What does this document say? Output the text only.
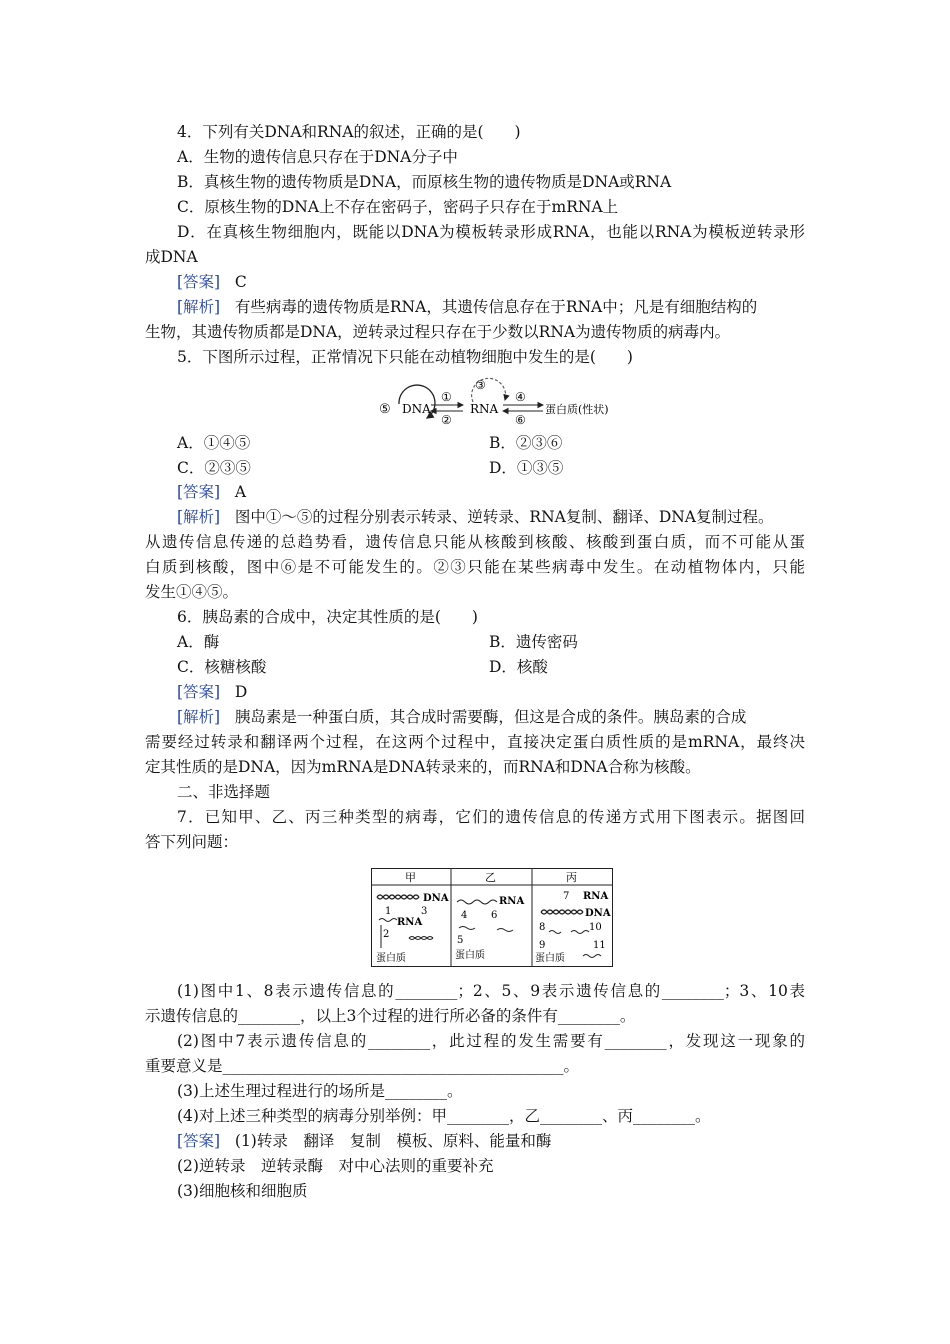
4．下列有关DNA和RNA的叙述，正确的是(　　)
A．生物的遗传信息只存在于DNA分子中
B．真核生物的遗传物质是DNA，而原核生物的遗传物质是DNA或RNA
C．原核生物的DNA上不存在密码子，密码子只存在于mRNA上
D．在真核生物细胞内，既能以DNA为模板转录形成RNA，也能以RNA为模板逆转录形
成DNA
[答案] C
[解析] 有些病毒的遗传物质是RNA，其遗传信息存在于RNA中；凡是有细胞结构的
生物，其遗传物质都是DNA，逆转录过程只存在于少数以RNA为遗传物质的病毒内。
5．下图所示过程，正常情况下只能在动植物细胞中发生的是(　　)
⑤ DNA
①
②
③
RNA
④
⑥
蛋白质(性状)
A．①④⑤	B．②③⑥
C．②③⑤	D．①③⑤
[答案] A
[解析] 图中①～⑤的过程分别表示转录、逆转录、RNA复制、翻译、DNA复制过程。
从遗传信息传递的总趋势看，遗传信息只能从核酸到核酸、核酸到蛋白质，而不可能从蛋
白质到核酸，图中⑥是不可能发生的。②③只能在某些病毒中发生。在动植物体内，只能
发生①④⑤。
6．胰岛素的合成中，决定其性质的是(　　)
A．酶	B．遗传密码
C．核糖核酸	D．核酸
[答案] D
[解析] 胰岛素是一种蛋白质，其合成时需要酶，但这是合成的条件。胰岛素的合成
需要经过转录和翻译两个过程，在这两个过程中，直接决定蛋白质性质的是mRNA，最终决
定其性质的是DNA，因为mRNA是DNA转录来的，而RNA和DNA合称为核酸。
二、非选择题
7．已知甲、乙、丙三种类型的病毒，它们的遗传信息的传递方式用下图表示。据图回
答下列问题：
甲	乙	丙
DNA
1	3
RNA
2
蛋白质
RNA
4 6
5
蛋白质
7 RNA
DNA
8	10
9	11
蛋白质
(1)图中1、8表示遗传信息的________；2、5、9表示遗传信息的________；3、10表
示遗传信息的________，以上3个过程的进行所必备的条件有________。
(2)图中7表示遗传信息的________，此过程的发生需要有________，发现这一现象的
重要意义是____________________________________________。
(3)上述生理过程进行的场所是________。
(4)对上述三种类型的病毒分别举例：甲________，乙________、丙________。
[答案] (1)转录　翻译　复制　模板、原料、能量和酶
(2)逆转录　逆转录酶　对中心法则的重要补充
(3)细胞核和细胞质
